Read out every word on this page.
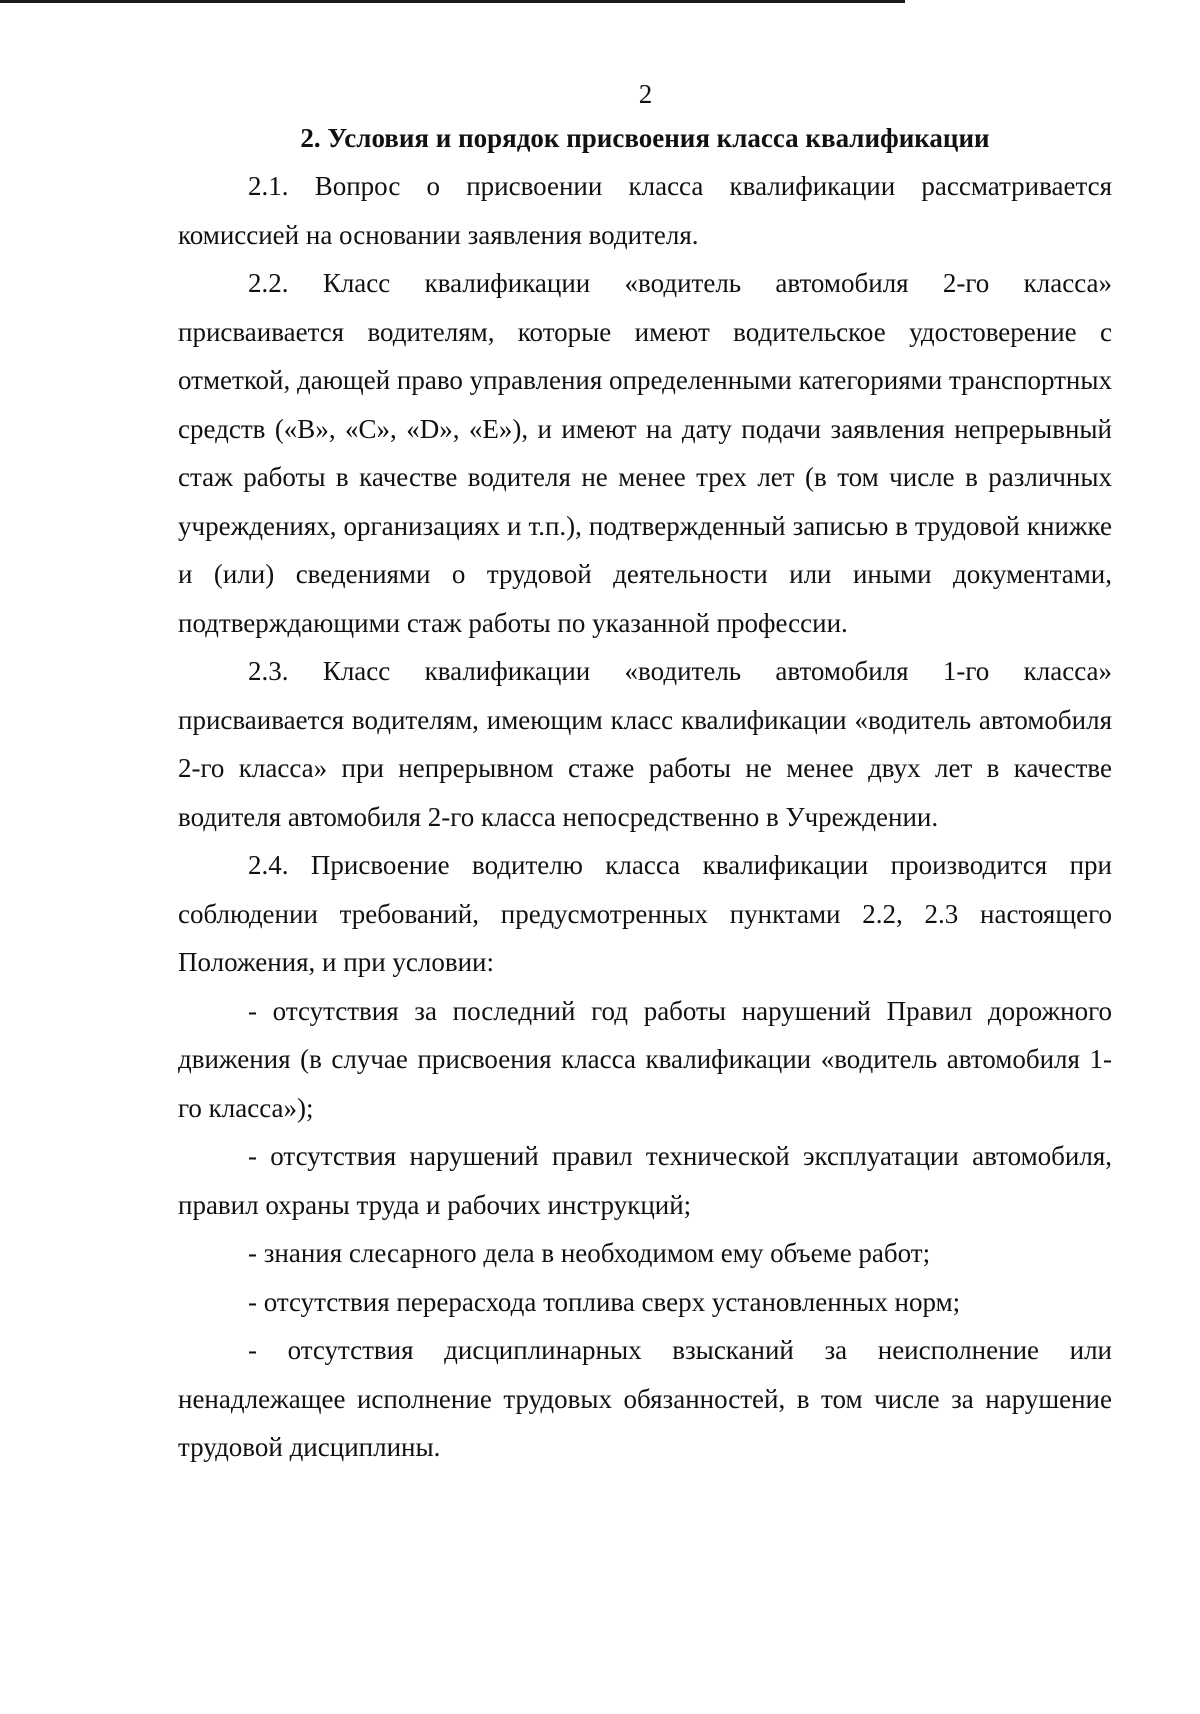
2
2. Условия и порядок присвоения класса квалификации

2.1. Вопрос о присвоении класса квалификации рассматривается комиссией на основании заявления водителя.

2.2. Класс квалификации «водитель автомобиля 2-го класса» присваивается водителям, которые имеют водительское удостоверение с отметкой, дающей право управления определенными категориями транспортных средств («В», «С», «D», «Е»), и имеют на дату подачи заявления непрерывный стаж работы в качестве водителя не менее трех лет (в том числе в различных учреждениях, организациях и т.п.), подтвержденный записью в трудовой книжке и (или) сведениями о трудовой деятельности или иными документами, подтверждающими стаж работы по указанной профессии.

2.3. Класс квалификации «водитель автомобиля 1-го класса» присваивается водителям, имеющим класс квалификации «водитель автомобиля 2-го класса» при непрерывном стаже работы не менее двух лет в качестве водителя автомобиля 2-го класса непосредственно в Учреждении.

2.4. Присвоение водителю класса квалификации производится при соблюдении требований, предусмотренных пунктами 2.2, 2.3 настоящего Положения, и при условии:

- отсутствия за последний год работы нарушений Правил дорожного движения (в случае присвоения класса квалификации «водитель автомобиля 1-го класса»);

- отсутствия нарушений правил технической эксплуатации автомобиля, правил охраны труда и рабочих инструкций;

- знания слесарного дела в необходимом ему объеме работ;

- отсутствия перерасхода топлива сверх установленных норм;

- отсутствия дисциплинарных взысканий за неисполнение или ненадлежащее исполнение трудовых обязанностей, в том числе за нарушение трудовой дисциплины.
